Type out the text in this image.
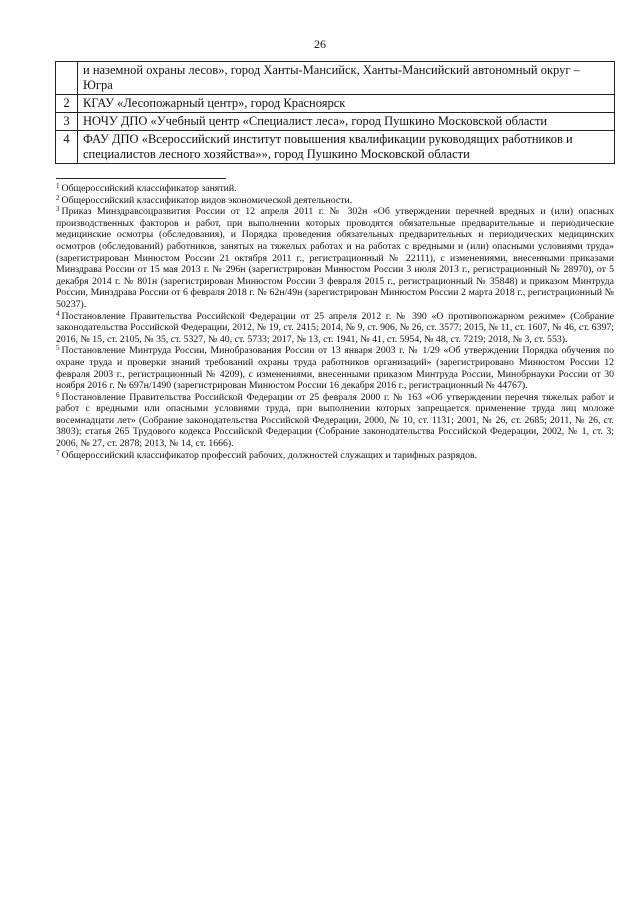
26
	и наземной охраны лесов», город Ханты-Мансийск, Ханты-Мансийский автономный округ – Югра
2	КГАУ «Лесопожарный центр», город Красноярск
3	НОЧУ ДПО «Учебный центр «Специалист леса», город Пушкино Московской области
4	ФАУ ДПО «Всероссийский институт повышения квалификации руководящих работников и специалистов лесного хозяйства»», город Пушкино Московской области

$^1$ Общероссийский классификатор занятий.

$^2$ Общероссийский классификатор видов экономической деятельности.

$^3$ Приказ Минздравсоцразвития России от 12 апреля 2011 г. № 302н «Об утверждении перечней вредных и (или) опасных производственных факторов и работ, при выполнении которых проводятся обязательные предварительные и периодические медицинские осмотры (обследования), и Порядка проведения обязательных предварительных и периодических медицинских осмотров (обследований) работников, занятых на тяжелых работах и на работах с вредными и (или) опасными условиями труда» (зарегистрирован Минюстом России 21 октября 2011 г., регистрационный № 22111), с изменениями, внесенными приказами Минздрава России от 15 мая 2013 г. № 296н (зарегистрирован Минюстом России 3 июля 2013 г., регистрационный № 28970), от 5 декабря 2014 г. № 801н (зарегистрирован Минюстом России 3 февраля 2015 г., регистрационный № 35848) и приказом Минтруда России, Минздрава России от 6 февраля 2018 г. № 62н/49н (зарегистрирован Минюстом России 2 марта 2018 г., регистрационный № 50237).

$^4$ Постановление Правительства Российской Федерации от 25 апреля 2012 г. № 390 «О противопожарном режиме» (Собрание законодательства Российской Федерации, 2012, № 19, ст. 2415; 2014, № 9, ст. 906, № 26, ст. 3577; 2015, № 11, ст. 1607, № 46, ст. 6397; 2016, № 15, ст. 2105, № 35, ст. 5327, № 40, ст. 5733; 2017, № 13, ст. 1941, № 41, ст. 5954, № 48, ст. 7219; 2018, № 3, ст. 553).

$^5$ Постановление Минтруда России, Минобразования России от 13 января 2003 г. № 1/29 «Об утверждении Порядка обучения по охране труда и проверки знаний требований охраны труда работников организаций» (зарегистрировано Минюстом России 12 февраля 2003 г., регистрационный № 4209), с изменениями, внесенными приказом Минтруда России, Минобрнауки России от 30 ноября 2016 г. № 697н/1490 (зарегистрирован Минюстом России 16 декабря 2016 г., регистрационный № 44767).

$^6$ Постановление Правительства Российской Федерации от 25 февраля 2000 г. № 163 «Об утверждении перечня тяжелых работ и работ с вредными или опасными условиями труда, при выполнении которых запрещается применение труда лиц моложе восемнадцати лет» (Собрание законодательства Российской Федерации, 2000, № 10, ст. 1131; 2001, № 26, ст. 2685; 2011, № 26, ст. 3803); статья 265 Трудового кодекса Российской Федерации (Собрание законодательства Российской Федерации, 2002, № 1, ст. 3; 2006, № 27, ст. 2878; 2013, № 14, ст. 1666).

$^7$ Общероссийский классификатор профессий рабочих, должностей служащих и тарифных разрядов.
